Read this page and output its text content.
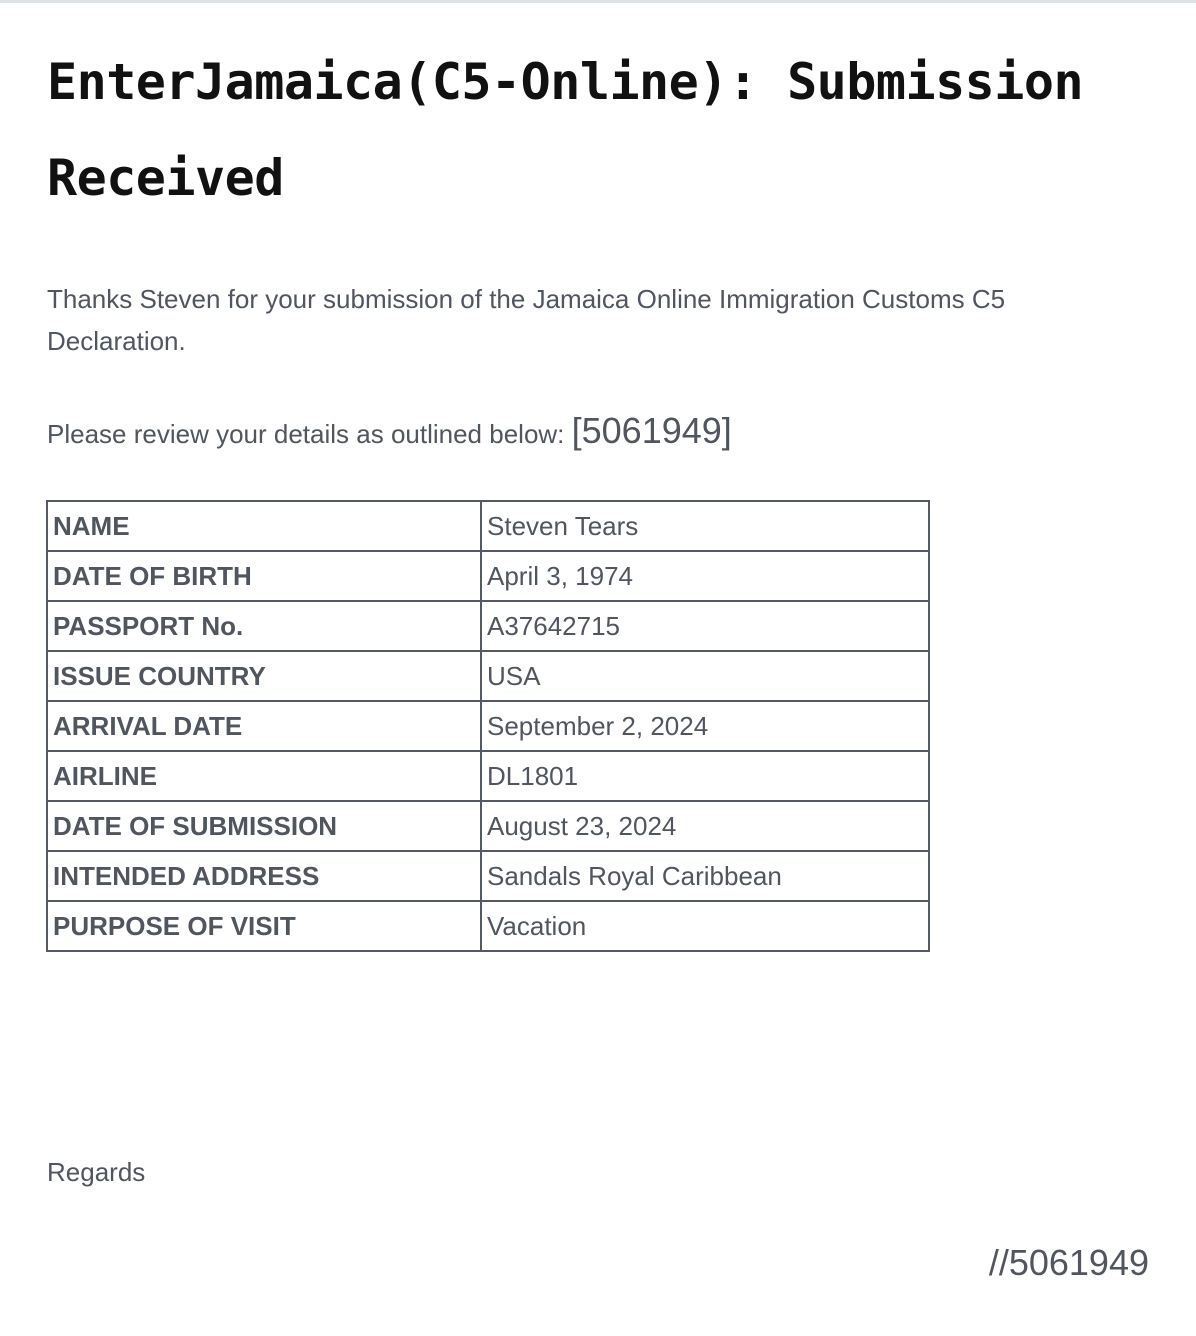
EnterJamaica(C5-Online): Submission Received

Thanks Steven for your submission of the Jamaica Online Immigration Customs C5 Declaration.

Please review your details as outlined below: [5061949]

NAME	Steven Tears
DATE OF BIRTH	April 3, 1974
PASSPORT No.	A37642715
ISSUE COUNTRY	USA
ARRIVAL DATE	September 2, 2024
AIRLINE	DL1801
DATE OF SUBMISSION	August 23, 2024
INTENDED ADDRESS	Sandals Royal Caribbean
PURPOSE OF VISIT	Vacation

Regards

//5061949
